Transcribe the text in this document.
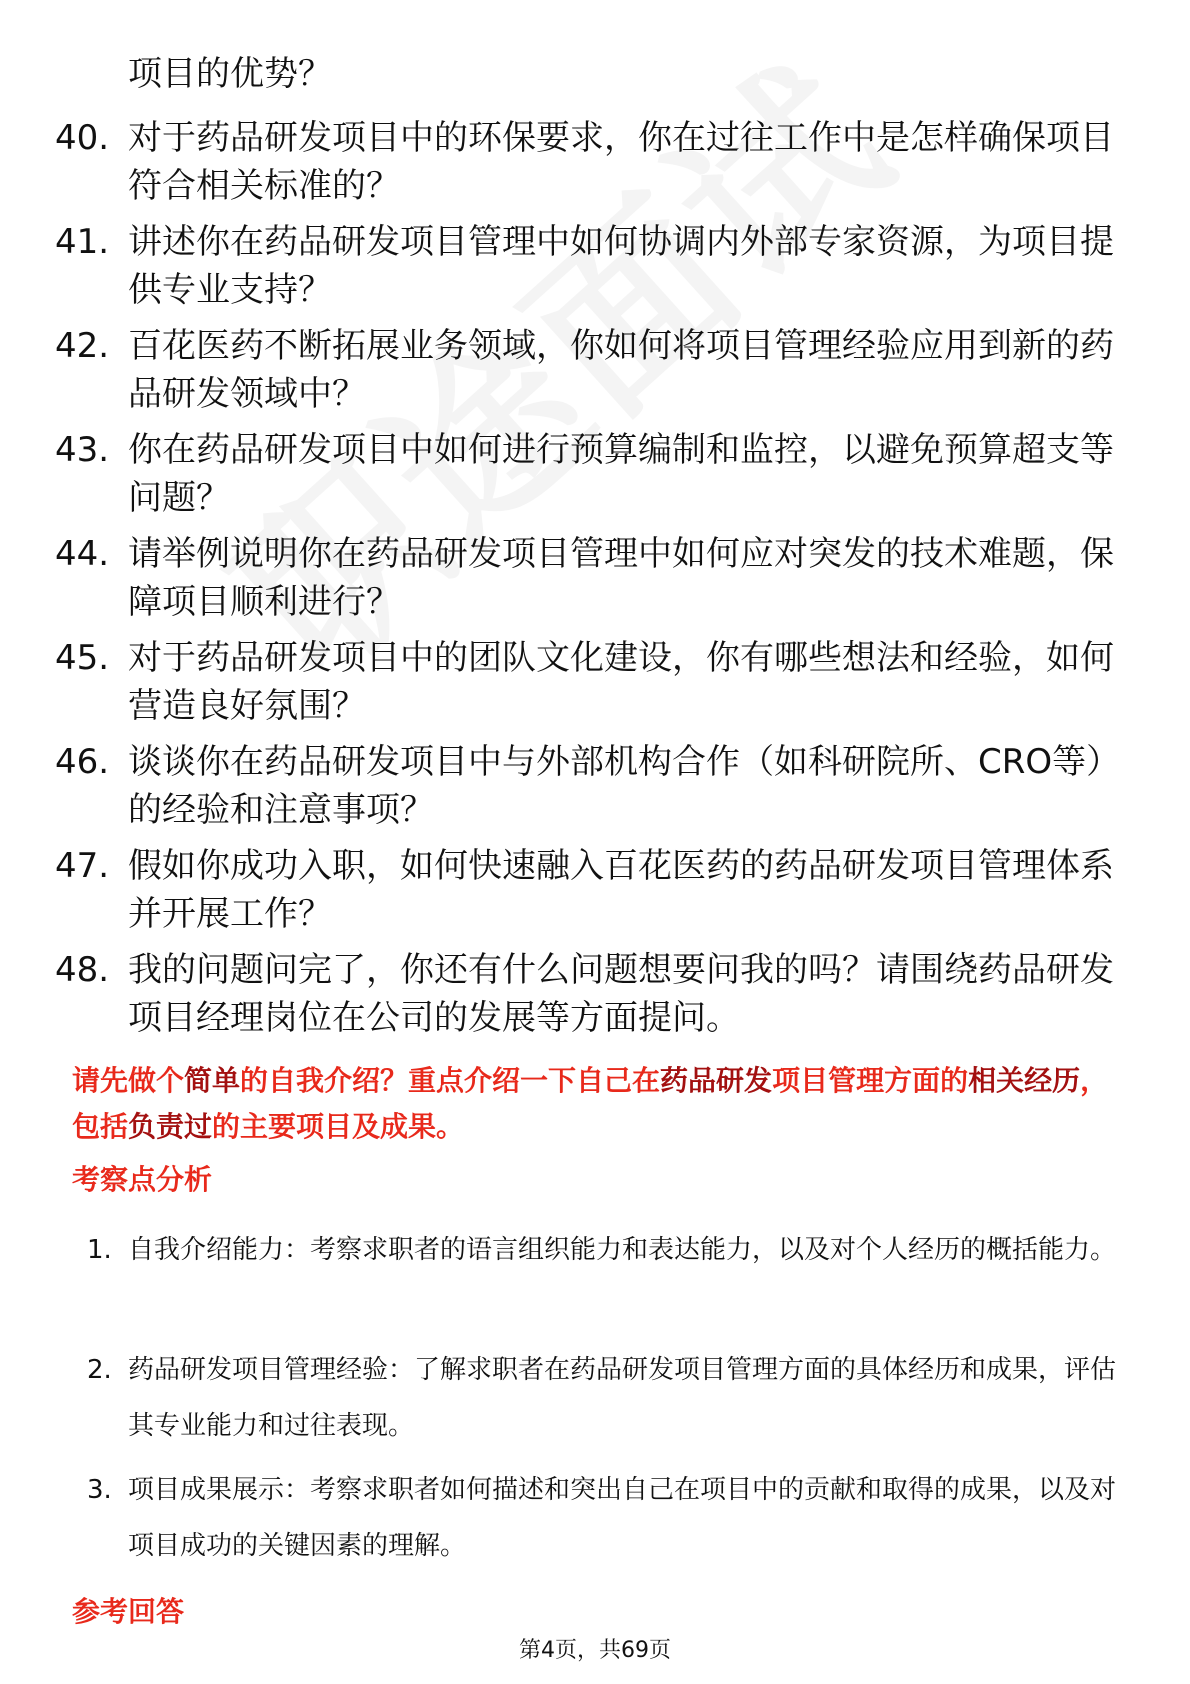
项目的优势？
40. 对于药品研发项目中的环保要求，你在过往工作中是怎样确保项目符合相关标准的？
41. 讲述你在药品研发项目管理中如何协调内外部专家资源，为项目提供专业支持？
42. 百花医药不断拓展业务领域，你如何将项目管理经验应用到新的药品研发领域中？
43. 你在药品研发项目中如何进行预算编制和监控，以避免预算超支等问题？
44. 请举例说明你在药品研发项目管理中如何应对突发的技术难题，保障项目顺利进行？
45. 对于药品研发项目中的团队文化建设，你有哪些想法和经验，如何营造良好氛围？
46. 谈谈你在药品研发项目中与外部机构合作（如科研院所、CRO等）的经验和注意事项？
47. 假如你成功入职，如何快速融入百花医药的药品研发项目管理体系并开展工作？
48. 我的问题问完了，你还有什么问题想要问我的吗？请围绕药品研发项目经理岗位在公司的发展等方面提问。
请先做个简单的自我介绍？重点介绍一下自己在药品研发项目管理方面的相关经历，包括负责过的主要项目及成果。
考察点分析
1. 自我介绍能力：考察求职者的语言组织能力和表达能力，以及对个人经历的概括能力。
2. 药品研发项目管理经验：了解求职者在药品研发项目管理方面的具体经历和成果，评估其专业能力和过往表现。
3. 项目成果展示：考察求职者如何描述和突出自己在项目中的贡献和取得的成果，以及对项目成功的关键因素的理解。
参考回答
第4页，共69页
